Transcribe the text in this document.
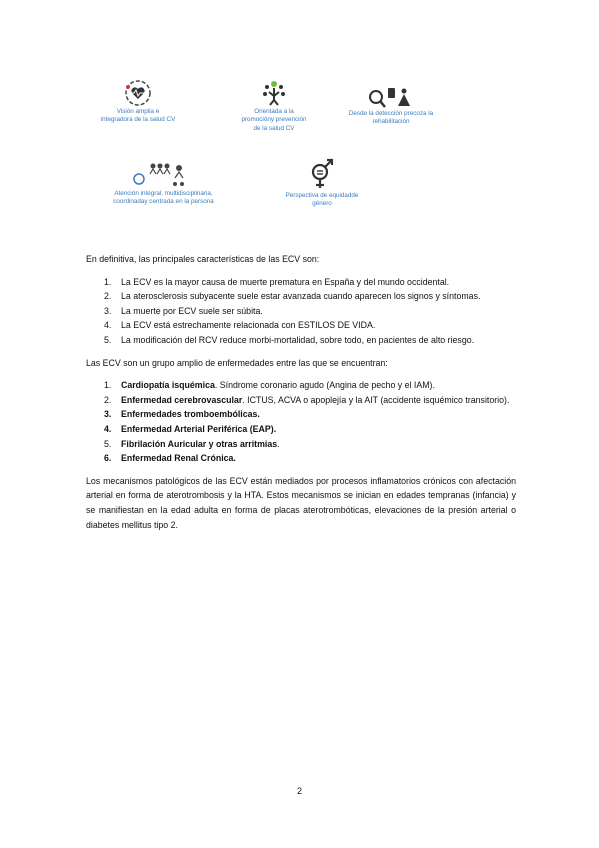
Visión amplia e
integradora de la salud CV
Orientada a la
promocióny prevención
de la salud CV
Desde la detección precoza la
rehabilitación
Atención integral, multidisciplinaria,
coordinaday centrada en la persona
Perspectiva de equidadde
género

En definitiva, las principales características de las ECV son:

1. La ECV es la mayor causa de muerte prematura en España y del mundo occidental.
2. La aterosclerosis subyacente suele estar avanzada cuando aparecen los signos y síntomas.
3. La muerte por ECV suele ser súbita.
4. La ECV está estrechamente relacionada con ESTILOS DE VIDA.
5. La modificación del RCV reduce morbi-mortalidad, sobre todo, en pacientes de alto riesgo.

Las ECV son un grupo amplio de enfermedades entre las que se encuentran:

1. Cardiopatía isquémica. Síndrome coronario agudo (Angina de pecho y el IAM).
2. Enfermedad cerebrovascular. ICTUS, ACVA o apoplejía y la AIT (accidente isquémico transitorio).
3. Enfermedades tromboembólicas.
4. Enfermedad Arterial Periférica (EAP).
5. Fibrilación Auricular y otras arritmias.
6. Enfermedad Renal Crónica.

Los mecanismos patológicos de las ECV están mediados por procesos inflamatorios crónicos con afectación arterial en forma de aterotrombosis y la HTA. Estos mecanismos se inician en edades tempranas (infancia) y se manifiestan en la edad adulta en forma de placas aterotrombóticas, elevaciones de la presión arterial o diabetes mellitus tipo 2.

2
